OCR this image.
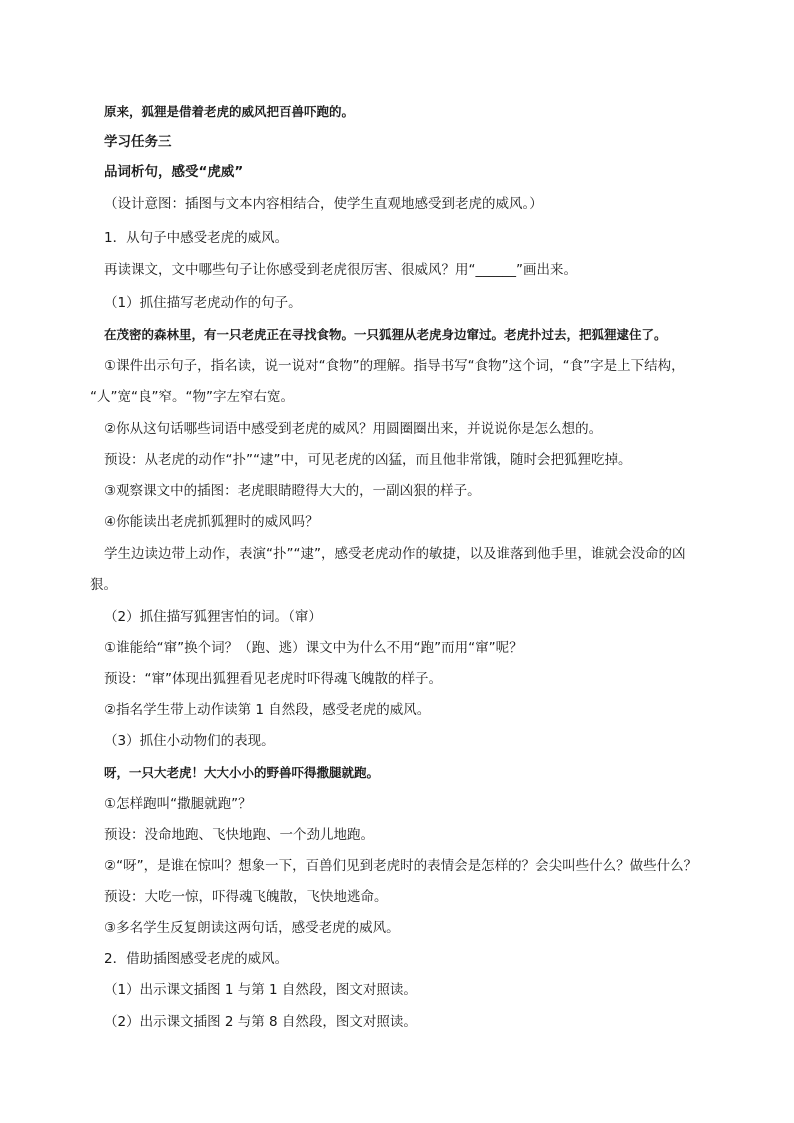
原来，狐狸是借着老虎的威风把百兽吓跑的。
学习任务三
品词析句，感受“虎威”
（设计意图：插图与文本内容相结合，使学生直观地感受到老虎的威风。）
1．从句子中感受老虎的威风。
再读课文，文中哪些句子让你感受到老虎很厉害、很威风？用“______”画出来。
（1）抓住描写老虎动作的句子。
在茂密的森林里，有一只老虎正在寻找食物。一只狐狸从老虎身边窜过。老虎扑过去，把狐狸逮住了。
①课件出示句子，指名读，说一说对“食物”的理解。指导书写“食物”这个词，“食”字是上下结构，
“人”宽“良”窄。“物”字左窄右宽。
②你从这句话哪些词语中感受到老虎的威风？用圆圈圈出来，并说说你是怎么想的。
预设：从老虎的动作“扑”“逮”中，可见老虎的凶猛，而且他非常饿，随时会把狐狸吃掉。
③观察课文中的插图：老虎眼睛瞪得大大的，一副凶狠的样子。
④你能读出老虎抓狐狸时的威风吗？
学生边读边带上动作，表演“扑”“逮”，感受老虎动作的敏捷，以及谁落到他手里，谁就会没命的凶
狠。
（2）抓住描写狐狸害怕的词。（窜）
①谁能给“窜”换个词？（跑、逃）课文中为什么不用“跑”而用“窜”呢？
预设：“窜”体现出狐狸看见老虎时吓得魂飞魄散的样子。
②指名学生带上动作读第 1 自然段，感受老虎的威风。
（3）抓住小动物们的表现。
呀，一只大老虎！大大小小的野兽吓得撒腿就跑。
①怎样跑叫“撒腿就跑”？
预设：没命地跑、飞快地跑、一个劲儿地跑。
②“呀”，是谁在惊叫？想象一下，百兽们见到老虎时的表情会是怎样的？会尖叫些什么？做些什么？
预设：大吃一惊，吓得魂飞魄散，飞快地逃命。
③多名学生反复朗读这两句话，感受老虎的威风。
2．借助插图感受老虎的威风。
（1）出示课文插图 1 与第 1 自然段，图文对照读。
（2）出示课文插图 2 与第 8 自然段，图文对照读。
